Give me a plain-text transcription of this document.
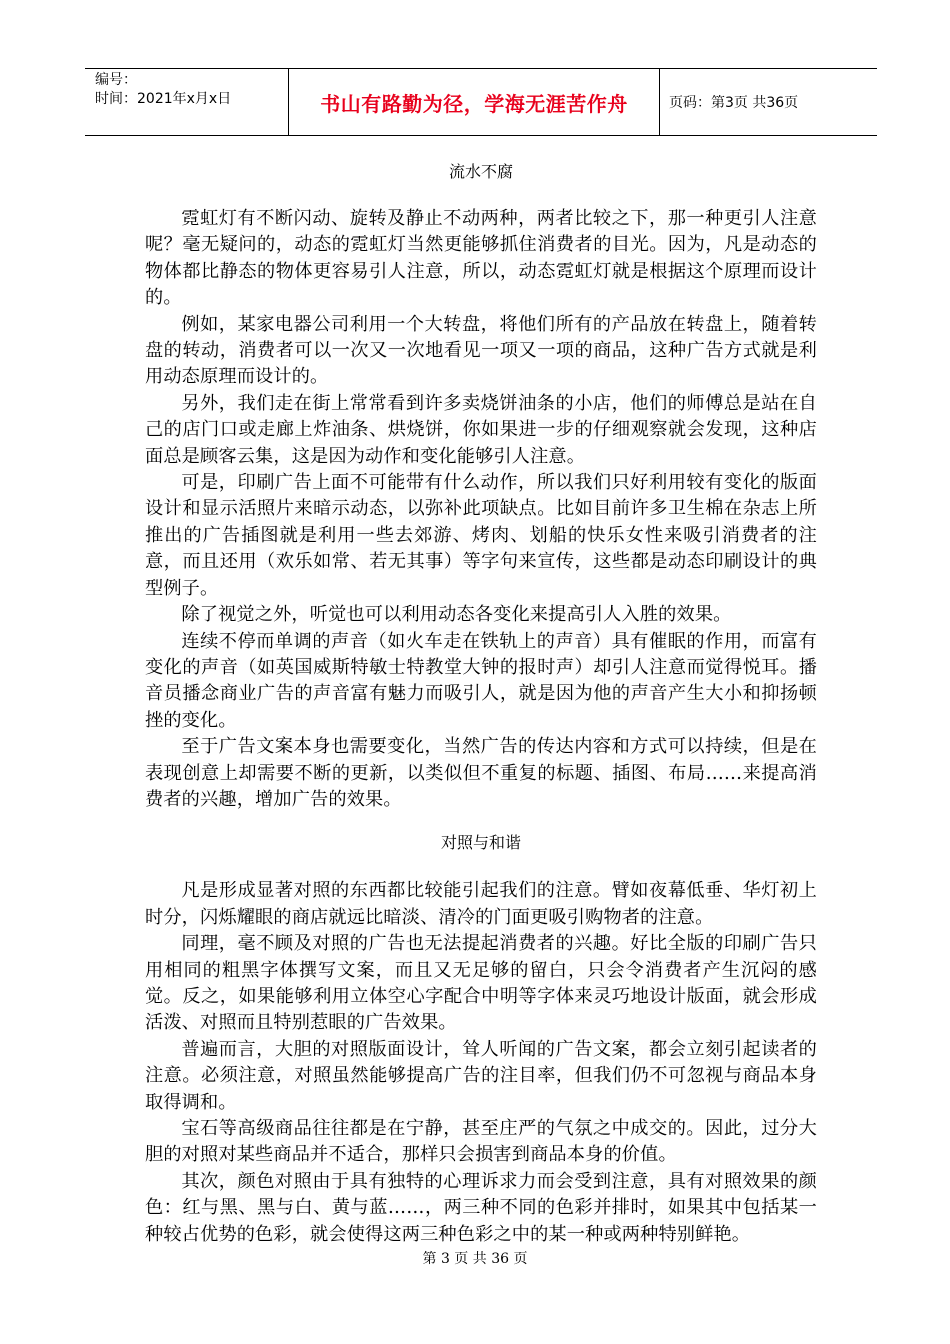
编号：
时间：2021年x月x日	书山有路勤为径，学海无涯苦作舟	页码：第3页 共36页
流水不腐

霓虹灯有不断闪动、旋转及静止不动两种，两者比较之下，那一种更引人注意呢？毫无疑问的，动态的霓虹灯当然更能够抓住消费者的目光。因为，凡是动态的物体都比静态的物体更容易引人注意，所以，动态霓虹灯就是根据这个原理而设计的。

例如，某家电器公司利用一个大转盘，将他们所有的产品放在转盘上，随着转盘的转动，消费者可以一次又一次地看见一项又一项的商品，这种广告方式就是利用动态原理而设计的。

另外，我们走在街上常常看到许多卖烧饼油条的小店，他们的师傅总是站在自己的店门口或走廊上炸油条、烘烧饼，你如果进一步的仔细观察就会发现，这种店面总是顾客云集，这是因为动作和变化能够引人注意。

可是，印刷广告上面不可能带有什么动作，所以我们只好利用较有变化的版面设计和显示活照片来暗示动态，以弥补此项缺点。比如目前许多卫生棉在杂志上所推出的广告插图就是利用一些去郊游、烤肉、划船的快乐女性来吸引消费者的注意，而且还用（欢乐如常、若无其事）等字句来宣传，这些都是动态印刷设计的典型例子。

除了视觉之外，听觉也可以利用动态各变化来提高引人入胜的效果。

连续不停而单调的声音（如火车走在铁轨上的声音）具有催眠的作用，而富有变化的声音（如英国威斯特敏士特教堂大钟的报时声）却引人注意而觉得悦耳。播音员播念商业广告的声音富有魅力而吸引人，就是因为他的声音产生大小和抑扬顿挫的变化。

至于广告文案本身也需要变化，当然广告的传达内容和方式可以持续，但是在表现创意上却需要不断的更新，以类似但不重复的标题、插图、布局……来提高消费者的兴趣，增加广告的效果。

对照与和谐

凡是形成显著对照的东西都比较能引起我们的注意。臂如夜幕低垂、华灯初上时分，闪烁耀眼的商店就远比暗淡、清冷的门面更吸引购物者的注意。

同理，毫不顾及对照的广告也无法提起消费者的兴趣。好比全版的印刷广告只用相同的粗黑字体撰写文案，而且又无足够的留白，只会令消费者产生沉闷的感觉。反之，如果能够利用立体空心字配合中明等字体来灵巧地设计版面，就会形成活泼、对照而且特别惹眼的广告效果。

普遍而言，大胆的对照版面设计，耸人听闻的广告文案，都会立刻引起读者的注意。必须注意，对照虽然能够提高广告的注目率，但我们仍不可忽视与商品本身取得调和。

宝石等高级商品往往都是在宁静，甚至庄严的气氛之中成交的。因此，过分大胆的对照对某些商品并不适合，那样只会损害到商品本身的价值。

其次，颜色对照由于具有独特的心理诉求力而会受到注意，具有对照效果的颜色：红与黑、黑与白、黄与蓝……，两三种不同的色彩并排时，如果其中包括某一种较占优势的色彩，就会使得这两三种色彩之中的某一种或两种特别鲜艳。

第 3 页 共 36 页
